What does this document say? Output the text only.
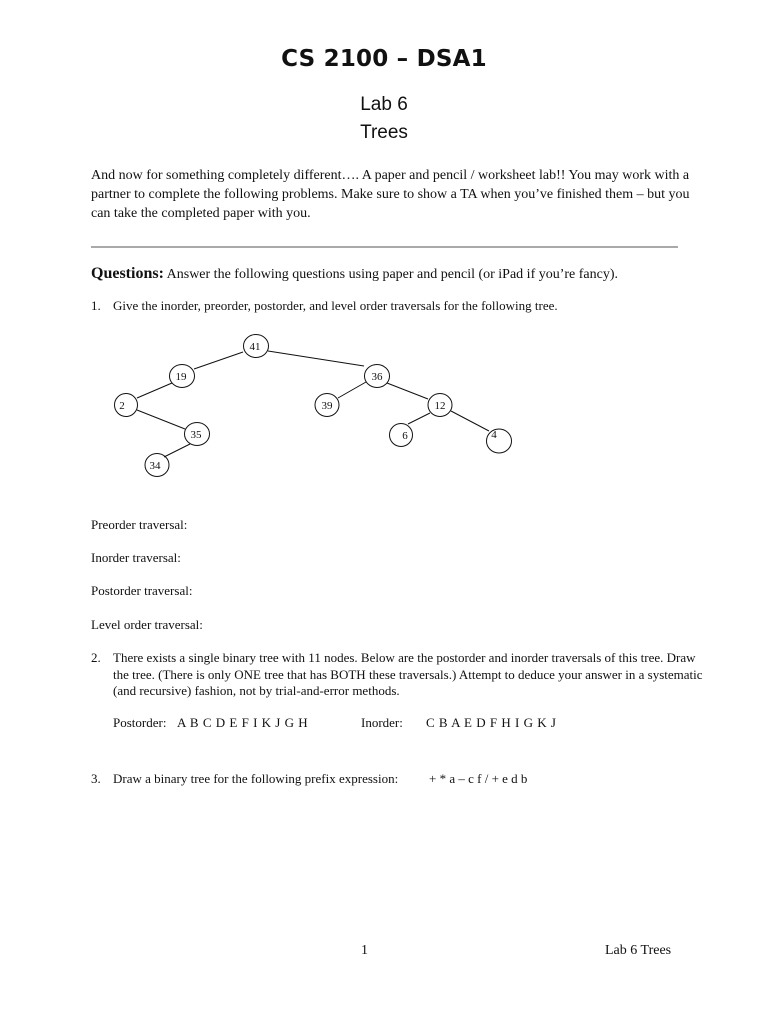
CS 2100 – DSA1
Lab 6
Trees
And now for something completely different…. A paper and pencil / worksheet lab!! You may work with a partner to complete the following problems. Make sure to show a TA when you’ve finished them – but you can take the completed paper with you.
Questions: Answer the following questions using paper and pencil (or iPad if you’re fancy).
1. Give the inorder, preorder, postorder, and level order traversals for the following tree.
41
19	36
2	39	12
35	6	4
34
Preorder traversal:
Inorder traversal:
Postorder traversal:
Level order traversal:
2. There exists a single binary tree with 11 nodes. Below are the postorder and inorder traversals of this tree. Draw the tree. (There is only ONE tree that has BOTH these traversals.) Attempt to deduce your answer in a systematic (and recursive) fashion, not by trial-and-error methods.
Postorder: A B C D E F I K J G H	Inorder: C B A E D F H I G K J
3. Draw a binary tree for the following prefix expression:	+ * a – c f / + e d b
1	Lab 6 Trees
